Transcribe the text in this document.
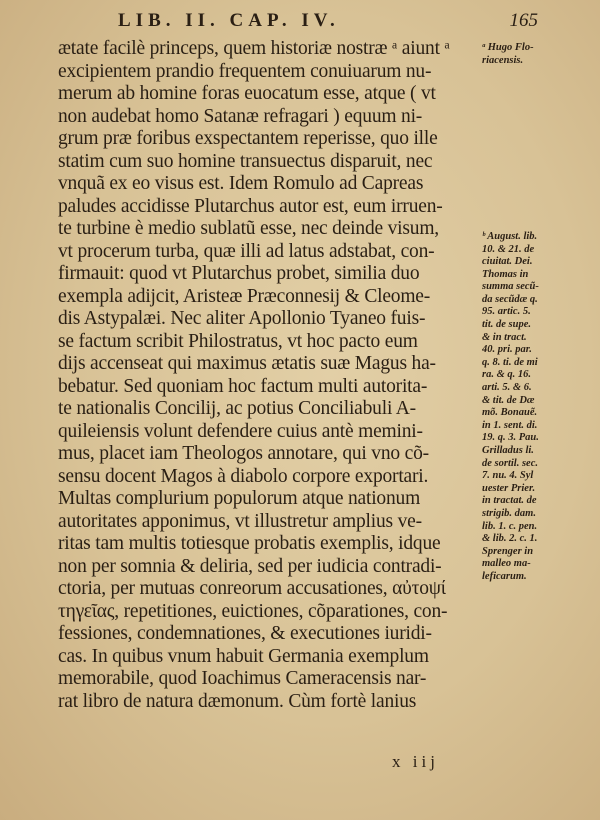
LIB. II. CAP. IV.	165
ætate facilè princeps, quem historiæ nostræ ᵃ aiunt ᵃ
excipientem prandio frequentem conuiuarum nu-
merum ab homine foras euocatum esse, atque ( vt
non audebat homo Satanæ refragari ) equum ni-
grum præ foribus exspectantem reperisse, quo ille
statim cum suo homine transuectus disparuit, nec
vnquã ex eo visus est. Idem Romulo ad Capreas
paludes accidisse Plutarchus autor est, eum irruen-
te turbine è medio sublatũ esse, nec deinde visum,
vt procerum turba, quæ illi ad latus adstabat, con-
firmauit: quod vt Plutarchus probet, similia duo
exempla adijcit, Aristeæ Præconnesij & Cleome-
dis Astypalæi. Nec aliter Apollonio Tyaneo fuis-
se factum scribit Philostratus, vt hoc pacto eum
dijs accenseat qui maximus ætatis suæ Magus ha-
bebatur. Sed quoniam hoc factum multi autorita-
te nationalis Concilij, ac potius Conciliabuli A-
quileiensis volunt defendere cuius antè memini-
mus, placet iam Theologos annotare, qui vno cõ-
sensu docent Magos à diabolo corpore exportari.
Multas complurium populorum atque nationum
autoritates apponimus, vt illustretur amplius ve-
ritas tam multis totiesque probatis exemplis, idque
non per somnia & deliria, sed per iudicia contradi-
ctoria, per mutuas conreorum accusationes, αὐτοψί
τηγεῖας, repetitiones, euictiones, cõparationes, con-
fessiones, condemnationes, & executiones iuridi-
cas. In quibus vnum habuit Germania exemplum
memorabile, quod Ioachimus Cameracensis nar-
rat libro de natura dæmonum. Cùm fortè lanius
ᵃ Hugo Flo-
riacensis.
ᵇ August. lib.
10. & 21. de
ciuitat. Dei.
Thomas in
summa secũ-
da secũdæ q.
95. artic. 5.
tit. de supe.
& in tract.
40. pri. par.
q. 8. ti. de mi
ra. & q. 16.
arti. 5. & 6.
& tit. de Dæ
mõ. Bonauẽ.
in 1. sent. di.
19. q. 3. Pau.
Grilladus li.
de sortil. sec.
7. nu. 4. Syl
uester Prier.
in tractat. de
strigib. dam.
lib. 1. c. pen.
& lib. 2. c. 1.
Sprenger in
malleo ma-
leficarum.
x iij
